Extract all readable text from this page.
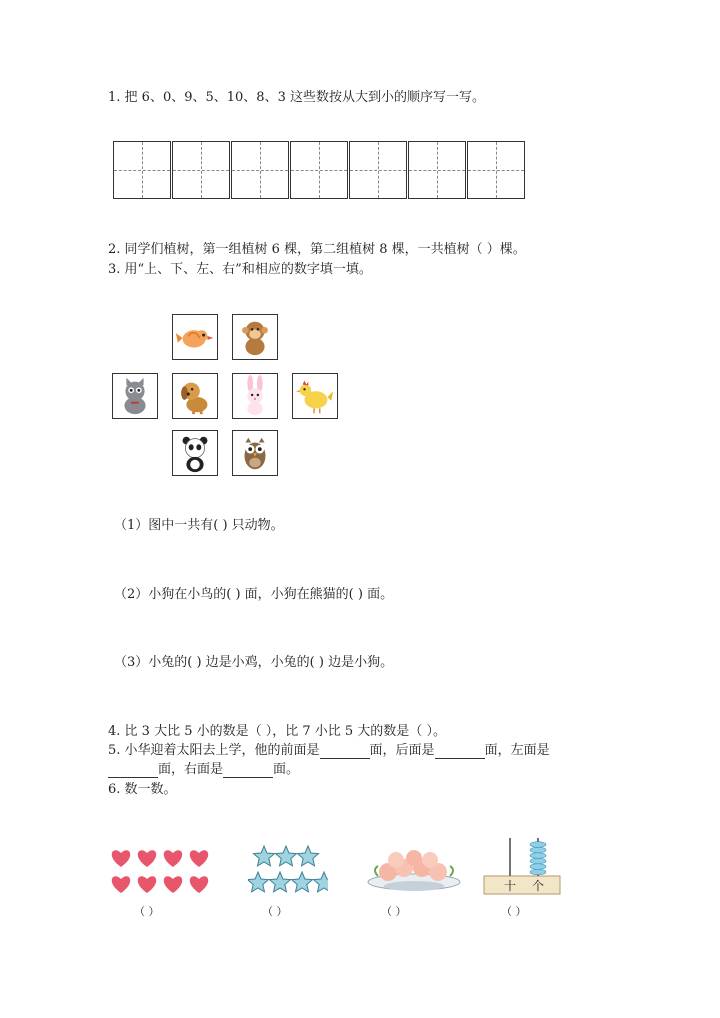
1. 把 6、0、9、5、10、8、3 这些数按从大到小的顺序写一写。
2. 同学们植树，第一组植树 6 棵，第二组植树 8 棵，一共植树（ ）棵。
3. 用“上、下、左、右”和相应的数字填一填。
（1）图中一共有( ) 只动物。
（2）小狗在小鸟的( ) 面，小狗在熊猫的( ) 面。
（3）小兔的( ) 边是小鸡，小兔的( ) 边是小狗。
4. 比 3 大比 5 小的数是（ ），比 7 小比 5 大的数是（ ）。
5. 小华迎着太阳去上学，他的前面是	面，后面是	面，左面是
面，右面是	面。
6. 数一数。
十 个
（ ）	（ ）	（ ）	（ ）
